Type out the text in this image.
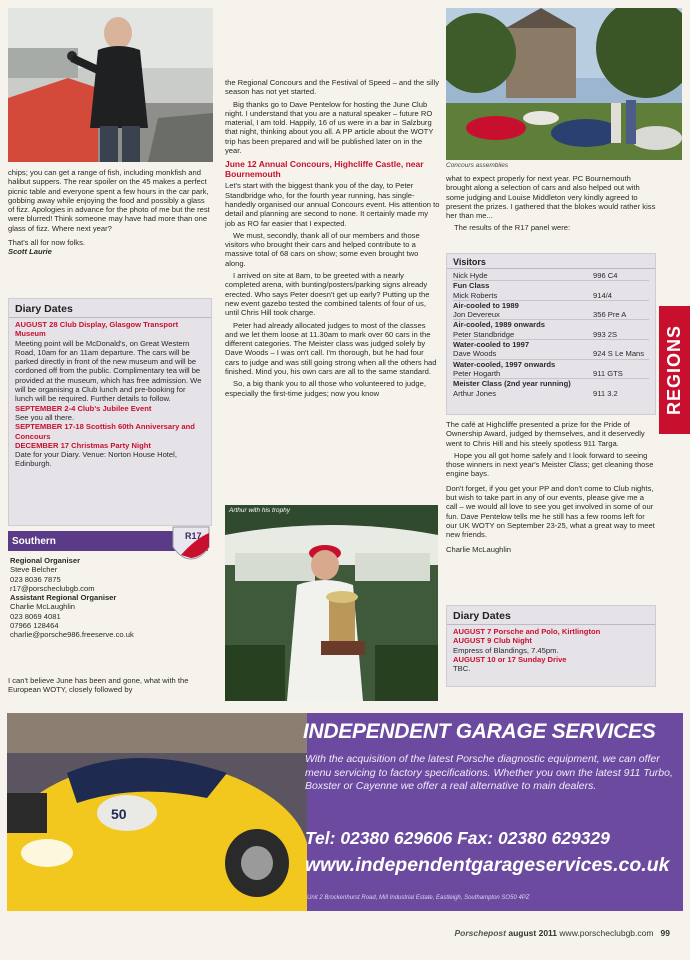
chips; you can get a range of fish, including monkfish and halibut suppers. The rear spoiler on the 45 makes a perfect picnic table and everyone spent a few hours in the car park, gobbing away while enjoying the food and possibly a glass of fizz. Apologies in advance for the photo of me but the rest were blurred! Think someone may have had more than one glass of fizz. Where next year?

That's all for now folks.

Scott Laurie

Diary Dates
AUGUST 28 Club Display, Glasgow Transport Museum
Meeting point will be McDonald's, on Great Western Road, 10am for an 11am departure. The cars will be parked directly in front of the new museum and will be cordoned off from the public. Complimentary tea will be provided at the museum, which has free admission. We will be organising a Club lunch and pre-booking for lunch will be required. Further details to follow.
SEPTEMBER 2-4 Club's Jubilee Event
See you all there.
SEPTEMBER 17-18 Scottish 60th Anniversary and Concours
DECEMBER 17 Christmas Party Night
Date for your Diary. Venue: Norton House Hotel, Edinburgh.
Southern	R17
Regional Organiser
Steve Belcher
023 8036 7875
r17@porscheclubgb.com
Assistant Regional Organiser
Charlie McLaughlin
023 8069 4081
07966 128464
charlie@porsche986.freeserve.co.uk

I can't believe June has been and gone, what with the European WOTY, closely followed by

the Regional Concours and the Festival of Speed – and the silly season has not yet started.

Big thanks go to Dave Pentelow for hosting the June Club night. I understand that you are a natural speaker – future RO material, I am told. Happily, 16 of us were in a bar in Salzburg that night, thinking about you all. A PP article about the WOTY trip has been prepared and will be published later on in the year.

June 12 Annual Concours, Highcliffe Castle, near Bournemouth

Let's start with the biggest thank you of the day, to Peter Standbridge who, for the fourth year running, has single-handedly organised our annual Concours event. His attention to detail and planning are second to none. It certainly made my job as RO far easier that I expected.

We must, secondly, thank all of our members and those visitors who brought their cars and helped contribute to a massive total of 68 cars on show; some even brought two along.

I arrived on site at 8am, to be greeted with a nearly completed arena, with bunting/posters/parking signs already erected. Who says Peter doesn't get up early? Putting up the new event gazebo tested the combined talents of four of us, until Chris Hill took charge.

Peter had already allocated judges to most of the classes and we let them loose at 11.30am to mark over 60 cars in the different categories. The Meister class was judged solely by Dave Woods – I was on't call. I'm thorough, but he had four cars to judge and was still going strong when all the others had finished. Mind you, his own cars are all to the same standard.

So, a big thank you to all those who volunteered to judge, especially the first-time judges; now you know

Arthur with his trophy
Concours assemblies

what to expect properly for next year. PC Bournemouth brought along a selection of cars and also helped out with some judging and Louise Middleton very kindly agreed to present the prizes. I gathered that the blokes would rather kiss her than me...

The results of the R17 panel were:

Visitors
Nick Hyde	996 C4
Fun Class
Mick Roberts	914/4
Air-cooled to 1989
Jon Devereux	356 Pre A
Air-cooled, 1989 onwards
Peter Standbridge	993 2S
Water-cooled to 1997
Dave Woods	924 S Le Mans
Water-cooled, 1997 onwards
Peter Hogarth	911 GTS
Meister Class (2nd year running)
Arthur Jones	911 3.2

The café at Highcliffe presented a prize for the Pride of Ownership Award, judged by themselves, and it deservedly went to Chris Hill and his steely spotless 911 Targa.

Hope you all got home safely and I look forward to seeing those winners in next year's Meister Class; get cleaning those engine bays.

Don't forget, if you get your PP and don't come to Club nights, but wish to take part in any of our events, please give me a call – we would all love to see you get involved in some of our fun. Dave Pentelow tells me he still has a few rooms left for our UK WOTY on September 23-25, what a great way to meet new friends.

Charlie McLaughlin

Diary Dates
AUGUST 7 Porsche and Polo, Kirtlington
AUGUST 9 Club Night
Empress of Blandings, 7.45pm.
AUGUST 10 or 17 Sunday Drive
TBC.
REGIONS
50
INDEPENDENT GARAGE SERVICES
With the acquisition of the latest Porsche diagnostic equipment, we can offer menu servicing to factory specifications. Whether you own the latest 911 Turbo, Boxster or Cayenne we offer a real alternative to main dealers.
Tel: 02380 629606 Fax: 02380 629329
www.independentgarageservices.co.uk
Unit 2 Brockenhurst Road, Mill Industrial Estate, Eastleigh, Southampton SO50 4PZ
Porschepost august 2011 www.porscheclubgb.com 99
